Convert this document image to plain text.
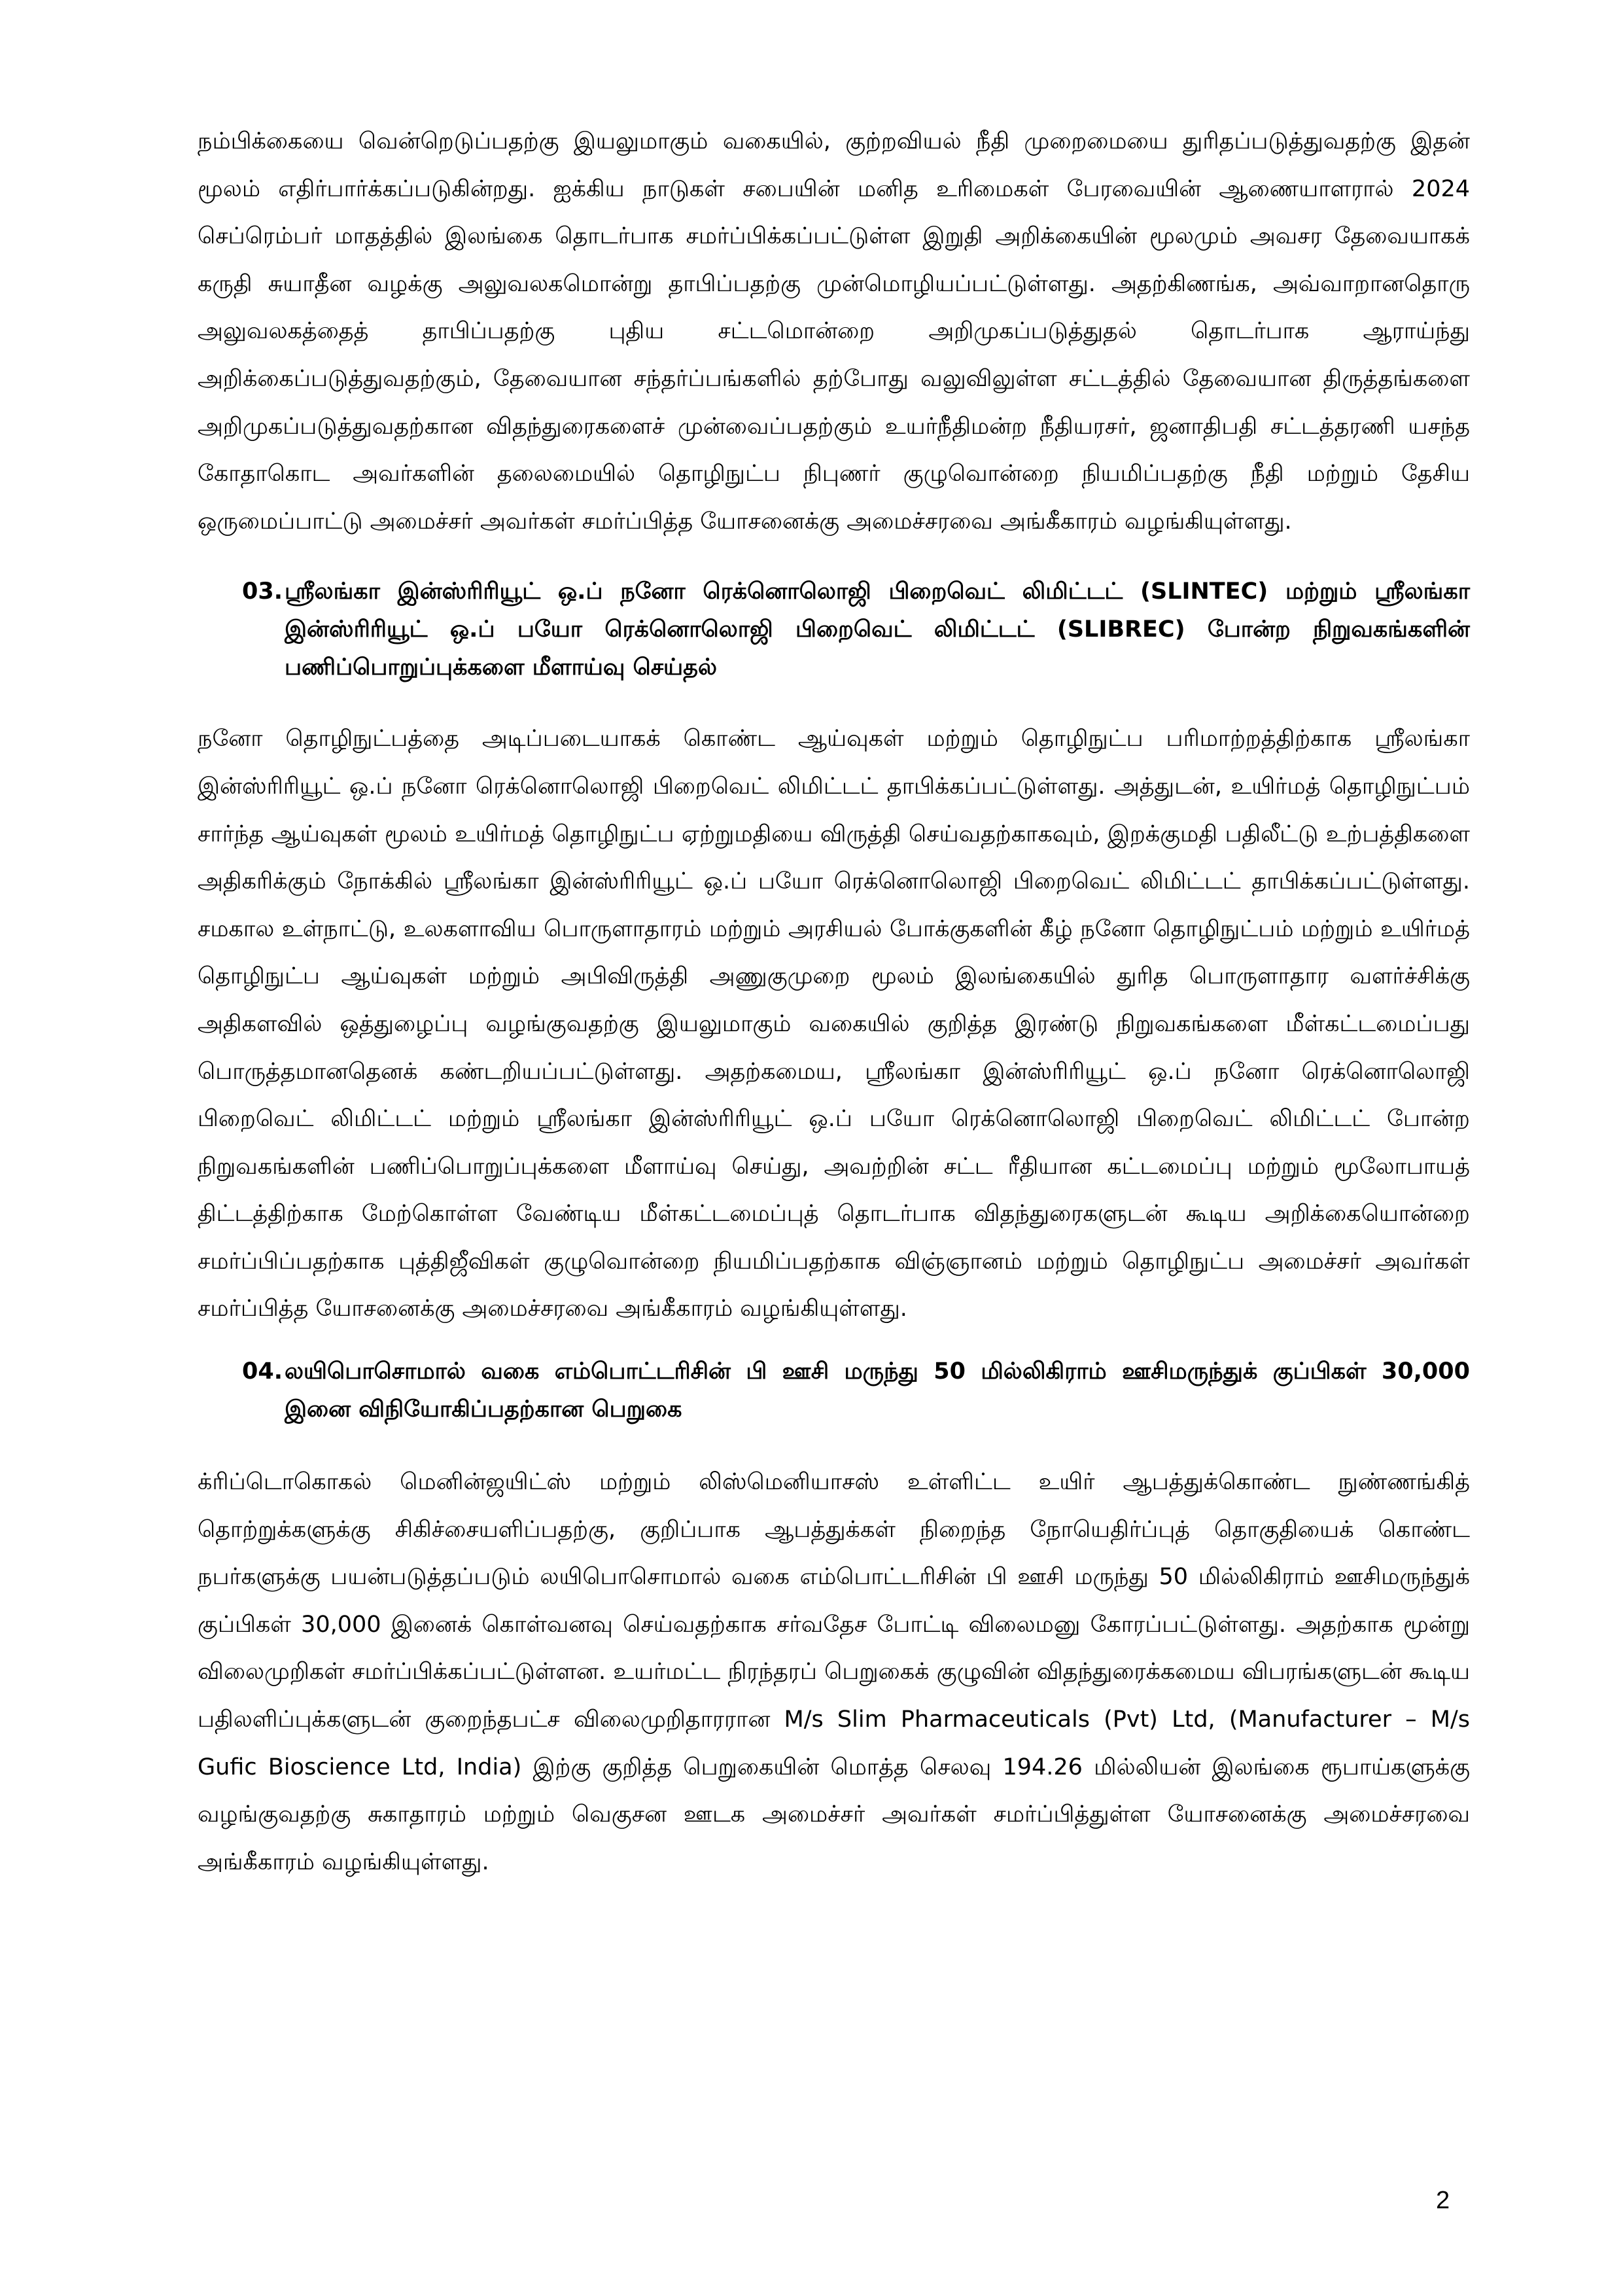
நம்பிக்கையை வென்றெடுப்பதற்கு இயலுமாகும் வகையில், குற்றவியல் நீதி முறைமையை துரிதப்படுத்துவதற்கு இதன் மூலம் எதிர்பார்க்கப்படுகின்றது. ஐக்கிய நாடுகள் சபையின் மனித உரிமைகள் பேரவையின் ஆணையாளரால் 2024 செப்ரெம்பர் மாதத்தில் இலங்கை தொடர்பாக சமர்ப்பிக்கப்பட்டுள்ள இறுதி அறிக்கையின் மூலமும் அவசர தேவையாகக் கருதி சுயாதீன வழக்கு அலுவலகமொன்று தாபிப்பதற்கு முன்மொழியப்பட்டுள்ளது. அதற்கிணங்க, அவ்வாறானதொரு அலுவலகத்தைத் தாபிப்பதற்கு புதிய சட்டமொன்றை அறிமுகப்படுத்துதல் தொடர்பாக ஆராய்ந்து அறிக்கைப்படுத்துவதற்கும், தேவையான சந்தர்ப்பங்களில் தற்போது வலுவிலுள்ள சட்டத்தில் தேவையான திருத்தங்களை அறிமுகப்படுத்துவதற்கான விதந்துரைகளைச் முன்வைப்பதற்கும் உயர்நீதிமன்ற நீதியரசர், ஜனாதிபதி சட்டத்தரணி யசந்த கோதாகொட அவர்களின் தலைமையில் தொழிநுட்ப நிபுணர் குழுவொன்றை நியமிப்பதற்கு நீதி மற்றும் தேசிய ஒருமைப்பாட்டு அமைச்சர் அவர்கள் சமர்ப்பித்த யோசனைக்கு அமைச்சரவை அங்கீகாரம் வழங்கியுள்ளது.

03. ஸ்ரீலங்கா இன்ஸ்ரிரியூட் ஒ.ப் நனோ ரெக்னொலொஜி பிறைவெட் லிமிட்டட் (SLINTEC) மற்றும் ஸ்ரீலங்கா இன்ஸ்ரிரியூட் ஒ.ப் பயோ ரெக்னொலொஜி பிறைவெட் லிமிட்டட் (SLIBREC) போன்ற நிறுவகங்களின் பணிப்பொறுப்புக்களை மீளாய்வு செய்தல்

நனோ தொழிநுட்பத்தை அடிப்படையாகக் கொண்ட ஆய்வுகள் மற்றும் தொழிநுட்ப பரிமாற்றத்திற்காக ஸ்ரீலங்கா இன்ஸ்ரிரியூட் ஒ.ப் நனோ ரெக்னொலொஜி பிறைவெட் லிமிட்டட் தாபிக்கப்பட்டுள்ளது. அத்துடன், உயிர்மத் தொழிநுட்பம் சார்ந்த ஆய்வுகள் மூலம் உயிர்மத் தொழிநுட்ப ஏற்றுமதியை விருத்தி செய்வதற்காகவும், இறக்குமதி பதிலீட்டு உற்பத்திகளை அதிகரிக்கும் நோக்கில் ஸ்ரீலங்கா இன்ஸ்ரிரியூட் ஒ.ப் பயோ ரெக்னொலொஜி பிறைவெட் லிமிட்டட் தாபிக்கப்பட்டுள்ளது. சமகால உள்நாட்டு, உலகளாவிய பொருளாதாரம் மற்றும் அரசியல் போக்குகளின் கீழ் நனோ தொழிநுட்பம் மற்றும் உயிர்மத் தொழிநுட்ப ஆய்வுகள் மற்றும் அபிவிருத்தி அணுகுமுறை மூலம் இலங்கையில் துரித பொருளாதார வளர்ச்சிக்கு அதிகளவில் ஒத்துழைப்பு வழங்குவதற்கு இயலுமாகும் வகையில் குறித்த இரண்டு நிறுவகங்களை மீள்கட்டமைப்பது பொருத்தமானதெனக் கண்டறியப்பட்டுள்ளது. அதற்கமைய, ஸ்ரீலங்கா இன்ஸ்ரிரியூட் ஒ.ப் நனோ ரெக்னொலொஜி பிறைவெட் லிமிட்டட் மற்றும் ஸ்ரீலங்கா இன்ஸ்ரிரியூட் ஒ.ப் பயோ ரெக்னொலொஜி பிறைவெட் லிமிட்டட் போன்ற நிறுவகங்களின் பணிப்பொறுப்புக்களை மீளாய்வு செய்து, அவற்றின் சட்ட ரீதியான கட்டமைப்பு மற்றும் மூலோபாயத் திட்டத்திற்காக மேற்கொள்ள வேண்டிய மீள்கட்டமைப்புத் தொடர்பாக விதந்துரைகளுடன் கூடிய அறிக்கையொன்றை சமர்ப்பிப்பதற்காக புத்திஜீவிகள் குழுவொன்றை நியமிப்பதற்காக விஞ்ஞானம் மற்றும் தொழிநுட்ப அமைச்சர் அவர்கள் சமர்ப்பித்த யோசனைக்கு அமைச்சரவை அங்கீகாரம் வழங்கியுள்ளது.

04. லயிபொசொமால் வகை எம்பொட்டரிசின் பி ஊசி மருந்து 50 மில்லிகிராம் ஊசிமருந்துக் குப்பிகள் 30,000 இனை விநியோகிப்பதற்கான பெறுகை

க்ரிப்டொகொகல் மெனின்ஜயிட்ஸ் மற்றும் லிஸ்மெனியாசஸ் உள்ளிட்ட உயிர் ஆபத்துக்கொண்ட நுண்ணங்கித் தொற்றுக்களுக்கு சிகிச்சையளிப்பதற்கு, குறிப்பாக ஆபத்துக்கள் நிறைந்த நோயெதிர்ப்புத் தொகுதியைக் கொண்ட நபர்களுக்கு பயன்படுத்தப்படும் லயிபொசொமால் வகை எம்பொட்டரிசின் பி ஊசி மருந்து 50 மில்லிகிராம் ஊசிமருந்துக் குப்பிகள் 30,000 இனைக் கொள்வனவு செய்வதற்காக சர்வதேச போட்டி விலைமனு கோரப்பட்டுள்ளது. அதற்காக மூன்று விலைமுறிகள் சமர்ப்பிக்கப்பட்டுள்ளன. உயர்மட்ட நிரந்தரப் பெறுகைக் குழுவின் விதந்துரைக்கமைய விபரங்களுடன் கூடிய பதிலளிப்புக்களுடன் குறைந்தபட்ச விலைமுறிதாரரான M/s Slim Pharmaceuticals (Pvt) Ltd, (Manufacturer – M/s Gufic Bioscience Ltd, India) இற்கு குறித்த பெறுகையின் மொத்த செலவு 194.26 மில்லியன் இலங்கை ரூபாய்களுக்கு வழங்குவதற்கு சுகாதாரம் மற்றும் வெகுசன ஊடக அமைச்சர் அவர்கள் சமர்ப்பித்துள்ள யோசனைக்கு அமைச்சரவை அங்கீகாரம் வழங்கியுள்ளது.

2
